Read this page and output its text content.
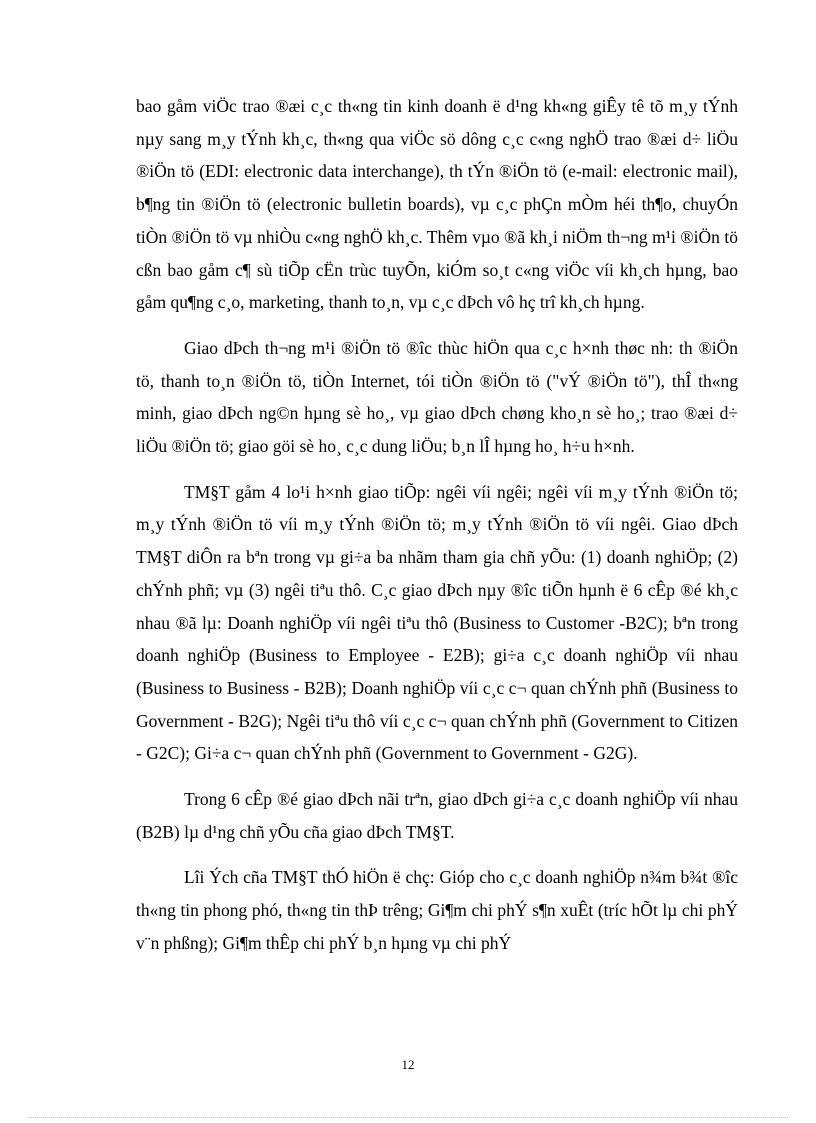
bao gåm viÖc trao ®æi c¸c th«ng tin kinh doanh ë d¹ng kh«ng giÊy tê tõ m¸y tÝnh nµy sang m¸y tÝnh kh¸c, th«ng qua viÖc sö dông c¸c c«ng nghÖ trao ®æi d÷ liÖu ®iÖn tö (EDI: electronic data interchange), th tÝn ®iÖn tö (e-mail: electronic mail), b¶ng tin ®iÖn tö (electronic bulletin boards), vµ c¸c phÇn mÒm héi th¶o, chuyÓn tiÒn ®iÖn tö vµ nhiÒu c«ng nghÖ kh¸c. Thêm vµo ®ã kh¸i niÖm th¬ng m¹i ®iÖn tö cßn bao gåm c¶ sù tiÕp cËn trùc tuyÕn, kiÓm so¸t c«ng viÖc víi kh¸ch hµng, bao gåm qu¶ng c¸o, marketing, thanh to¸n, vµ c¸c dÞch vô hç trî kh¸ch hµng.

Giao dÞch th¬ng m¹i ®iÖn tö ®îc thùc hiÖn qua c¸c h×nh thøc nh: th ®iÖn tö, thanh to¸n ®iÖn tö, tiÒn Internet, tói tiÒn ®iÖn tö ("vÝ ®iÖn tö"), thÎ th«ng minh, giao dÞch ng©n hµng sè ho¸, vµ giao dÞch chøng kho¸n sè ho¸; trao ®æi d÷ liÖu ®iÖn tö; giao göi sè ho¸ c¸c dung liÖu; b¸n lÎ hµng ho¸ h÷u h×nh.

TM§T gåm 4 lo¹i h×nh giao tiÕp: ngêi víi ngêi; ngêi víi m¸y tÝnh ®iÖn tö; m¸y tÝnh ®iÖn tö víi m¸y tÝnh ®iÖn tö; m¸y tÝnh ®iÖn tö víi ngêi. Giao dÞch TM§T diÔn ra bªn trong vµ gi÷a ba nhãm tham gia chñ yÕu: (1) doanh nghiÖp; (2) chÝnh phñ; vµ (3) ngêi tiªu thô. C¸c giao dÞch nµy ®îc tiÕn hµnh ë 6 cÊp ®é kh¸c nhau ®ã lµ: Doanh nghiÖp víi ngêi tiªu thô (Business to Customer -B2C); bªn trong doanh nghiÖp (Business to Employee - E2B); gi÷a c¸c doanh nghiÖp víi nhau (Business to Business - B2B); Doanh nghiÖp víi c¸c c¬ quan chÝnh phñ (Business to Government - B2G); Ngêi tiªu thô víi c¸c c¬ quan chÝnh phñ (Government to Citizen - G2C); Gi÷a c¬ quan chÝnh phñ (Government to Government - G2G).

Trong 6 cÊp ®é giao dÞch nãi trªn, giao dÞch gi÷a c¸c doanh nghiÖp víi nhau (B2B) lµ d¹ng chñ yÕu cña giao dÞch TM§T.

Lîi Ých cña TM§T thÓ hiÖn ë chç: Gióp cho c¸c doanh nghiÖp n¾m b¾t ®îc th«ng tin phong phó, th«ng tin thÞ trêng; Gi¶m chi phÝ s¶n xuÊt (tríc hÕt lµ chi phÝ v¨n phßng); Gi¶m thÊp chi phÝ b¸n hµng vµ chi phÝ

12
